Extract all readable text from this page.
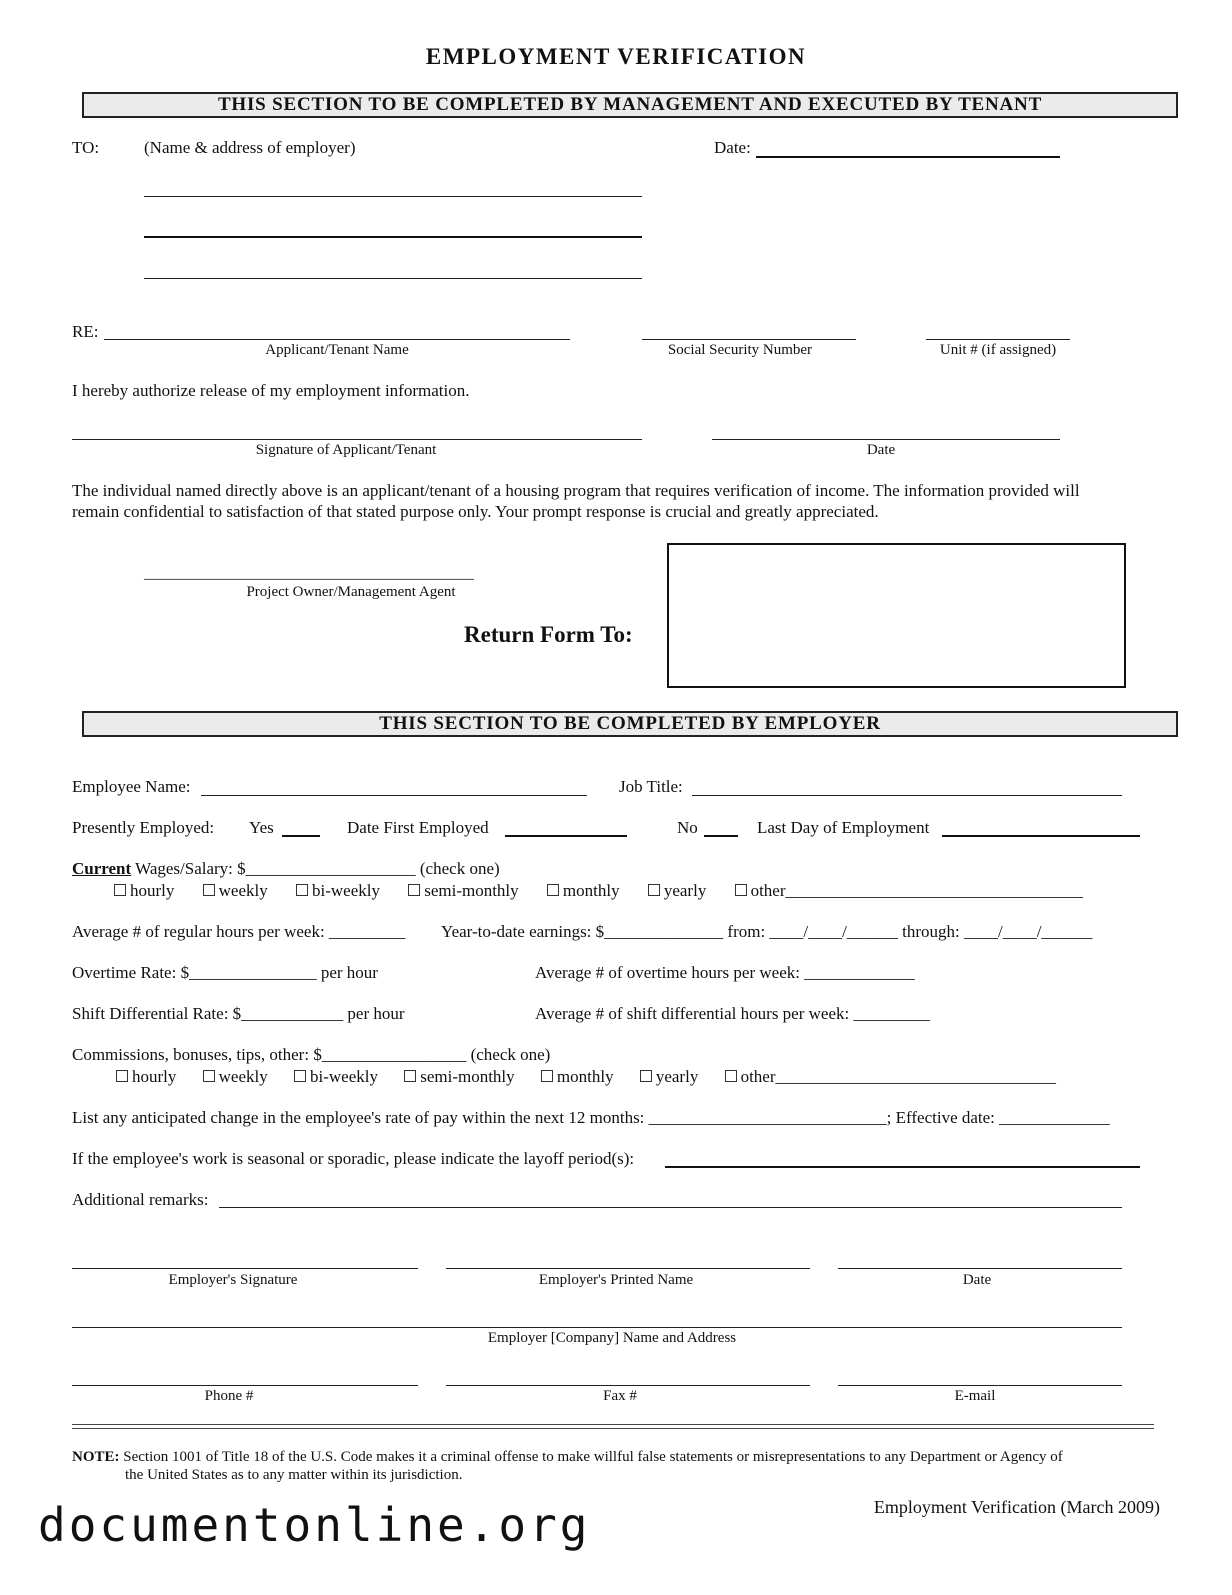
EMPLOYMENT VERIFICATION
THIS SECTION TO BE COMPLETED BY MANAGEMENT AND EXECUTED BY TENANT
TO:	(Name & address of employer)	Date:
RE:
Applicant/Tenant Name	Social Security Number	Unit # (if assigned)
I hereby authorize release of my employment information.
Signature of Applicant/Tenant	Date
The individual named directly above is an applicant/tenant of a housing program that requires verification of income. The information provided will
remain confidential to satisfaction of that stated purpose only. Your prompt response is crucial and greatly appreciated.
____________________________________________
Project Owner/Management Agent
Return Form To:
THIS SECTION TO BE COMPLETED BY EMPLOYER
Employee Name:	Job Title:
Presently Employed: Yes	Date First Employed	No	Last Day of Employment
Current Wages/Salary: $____________________ (check one)
hourly	weekly	bi-weekly	semi-monthly	monthly	yearly	other___________________________________
Average # of regular hours per week: _________ Year-to-date earnings: $______________ from: ____/____/______ through: ____/____/______
Overtime Rate: $_______________ per hour	Average # of overtime hours per week: _____________
Shift Differential Rate: $____________ per hour	Average # of shift differential hours per week: _________
Commissions, bonuses, tips, other: $_________________ (check one)
hourly weekly bi-weekly semi-monthly monthly yearly other_________________________________
List any anticipated change in the employee's rate of pay within the next 12 months: ____________________________; Effective date: _____________
If the employee's work is seasonal or sporadic, please indicate the layoff period(s):
Additional remarks:
Employer's Signature	Employer's Printed Name	Date
Employer [Company] Name and Address
Phone #	Fax #	E-mail
NOTE: Section 1001 of Title 18 of the U.S. Code makes it a criminal offense to make willful false statements or misrepresentations to any Department or Agency of
the United States as to any matter within its jurisdiction.
documentonline.org	Employment Verification (March 2009)
